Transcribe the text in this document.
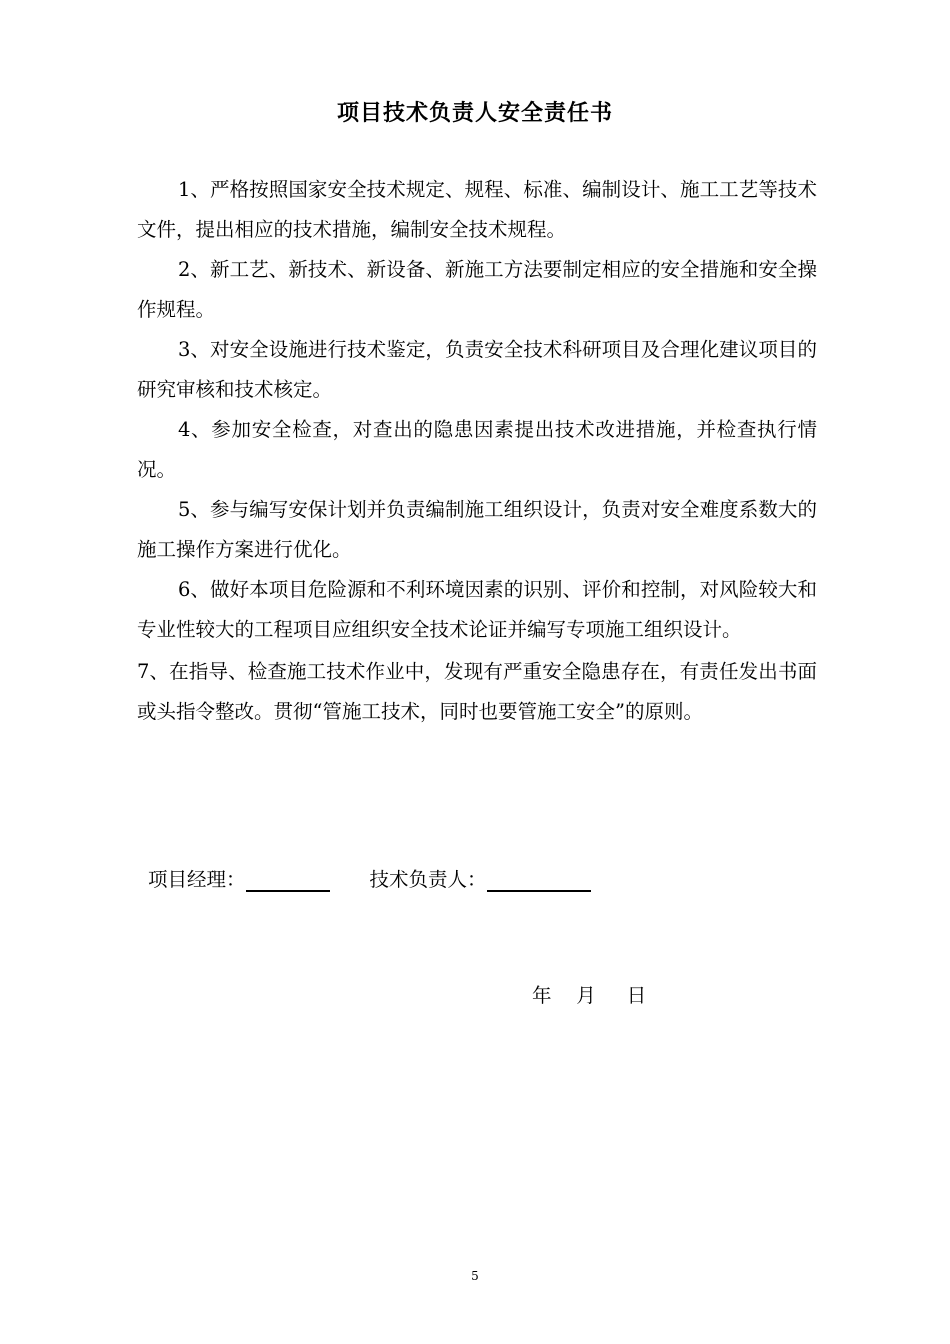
项目技术负责人安全责任书

1、严格按照国家安全技术规定、规程、标准、编制设计、施工工艺等技术文件，提出相应的技术措施，编制安全技术规程。

2、新工艺、新技术、新设备、新施工方法要制定相应的安全措施和安全操作规程。

3、对安全设施进行技术鉴定，负责安全技术科研项目及合理化建议项目的研究审核和技术核定。

4、参加安全检查，对查出的隐患因素提出技术改进措施，并检查执行情况。

5、参与编写安保计划并负责编制施工组织设计，负责对安全难度系数大的施工操作方案进行优化。

6、做好本项目危险源和不利环境因素的识别、评价和控制，对风险较大和专业性较大的工程项目应组织安全技术论证并编写专项施工组织设计。

7、在指导、检查施工技术作业中，发现有严重安全隐患存在，有责任发出书面或头指令整改。贯彻“管施工技术，同时也要管施工安全”的原则。

项目经理：	技术负责人：
年    月     日
5
